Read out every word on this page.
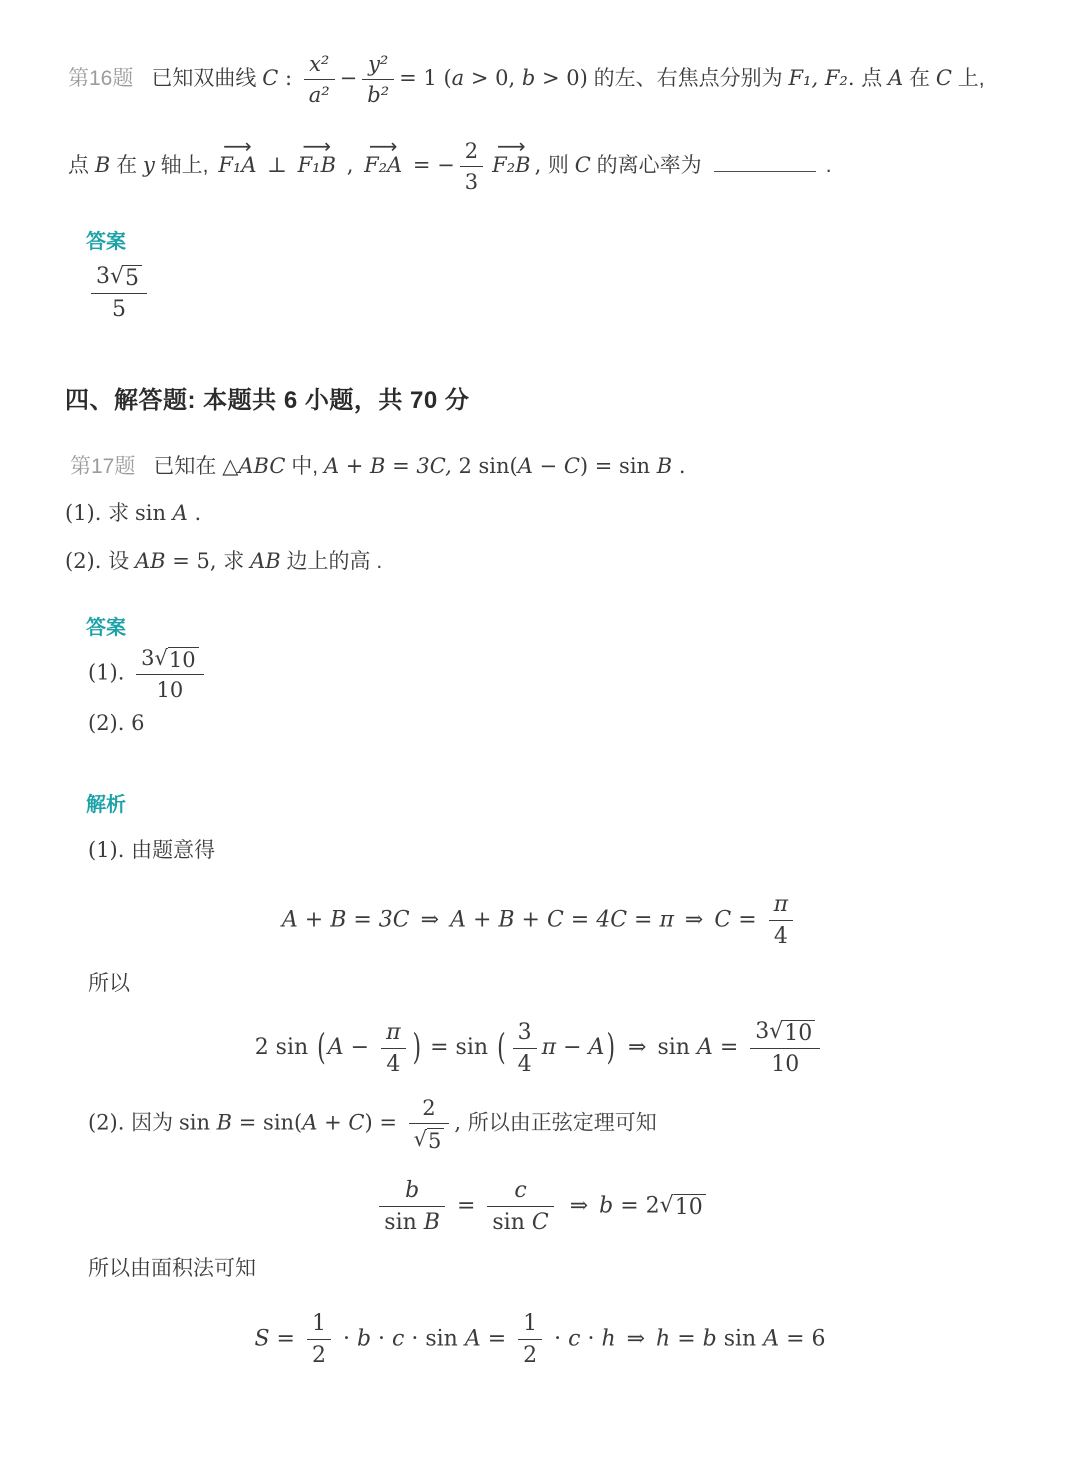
第16题 已知双曲线 C : $\frac{\text{x²}}{\text{a²}} - \frac{\text{y²}}{\text{b²}} = 1$ (a > 0, b > 0) 的左、右焦点分别为 F₁, F₂. 点 A 在 C 上,
点 B 在 y 轴上,
⟶
F₁A ⊥
⟶
F₁B ,
⟶
F₂A = − $\frac{2}{3}$ ⟶
F₂B , 则 C 的离心率为	.
答案
$\frac{3 √ 5}{5}$
四、解答题: 本题共 6 小题，共 70 分
第17题 已知在 △ABC 中, A + B = 3C, 2 sin(A − C) = sin B .
(1). 求 sin A .
(2). 设 AB = 5, 求 AB 边上的高 .
答案
(1). $\frac{3 √ 10}{10}$
(2). 6
解析
(1). 由题意得
A + B = 3C ⇒ A + B + C = 4C = π ⇒ $C = \frac{\pi}{4}$
所以
2 $\sin (A - \frac{\pi}{4}$ ) = sin ( $\frac{3}{4}$ π − A) ⇒ $\sin A = \frac{3 √ 10}{10}$
(2). 因为 $\sin B = \sin(A + C) = \frac{2}{√ 5}$ , 所以由正弦定理可知
$\frac{b}{\text{sin B}} = \frac{c}{\text{sin C}}$  ⇒ b = 2 √ 10
所以由面积法可知
$S = \frac{1}{2} \cdot b \cdot c \cdot \sin A = \frac{1}{2} \cdot c \cdot h$ ⇒ h = b sin A = 6
